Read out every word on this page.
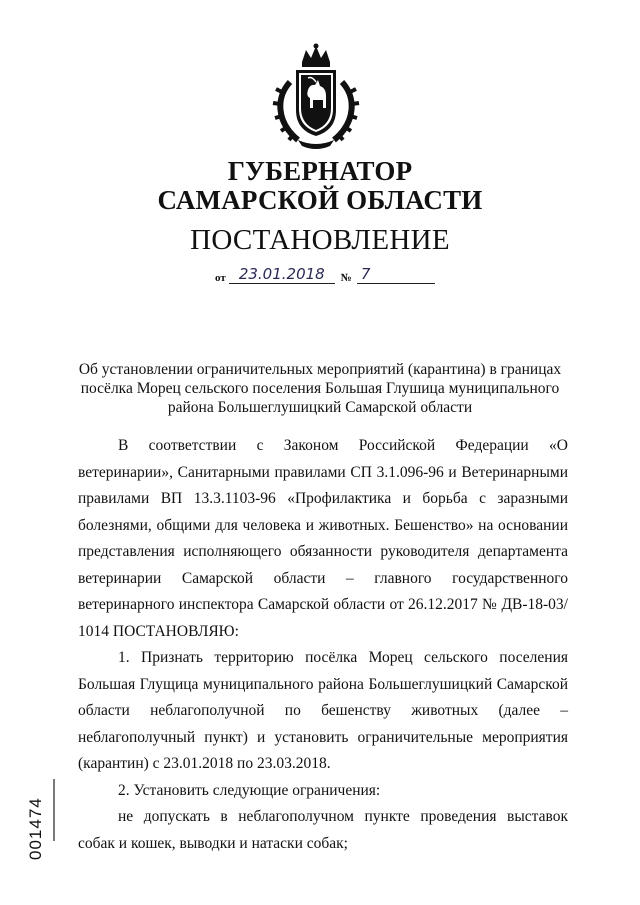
ГУБЕРНАТОР
САМАРСКОЙ ОБЛАСТИ
ПОСТАНОВЛЕНИЕ
от 23.01.2018	№ 7
Об установлении ограничительных мероприятий (карантина) в границах посёлка Морец сельского поселения Большая Глушица муниципального района Большеглушицкий Самарской области

В соответствии с Законом Российской Федерации «О ветеринарии», Санитарными правилами СП 3.1.096-96 и Ветеринарными правилами ВП 13.3.1103-96 «Профилактика и борьба с заразными болезнями, общими для человека и животных. Бешенство» на основании представления исполняющего обязанности руководителя департамента ветеринарии Самарской области – главного государственного ветеринарного инспектора Самарской области от 26.12.2017 № ДВ-18-03/ 1014 ПОСТАНОВЛЯЮ:

1. Признать территорию посёлка Морец сельского поселения Большая Глущица муниципального района Большеглушицкий Самарской области неблагополучной по бешенству животных (далее – неблагополучный пункт) и установить ограничительные мероприятия (карантин) с 23.01.2018 по 23.03.2018.

2. Установить следующие ограничения:

не допускать в неблагополучном пункте проведения выставок собак и кошек, выводки и натаски собак;

001474
